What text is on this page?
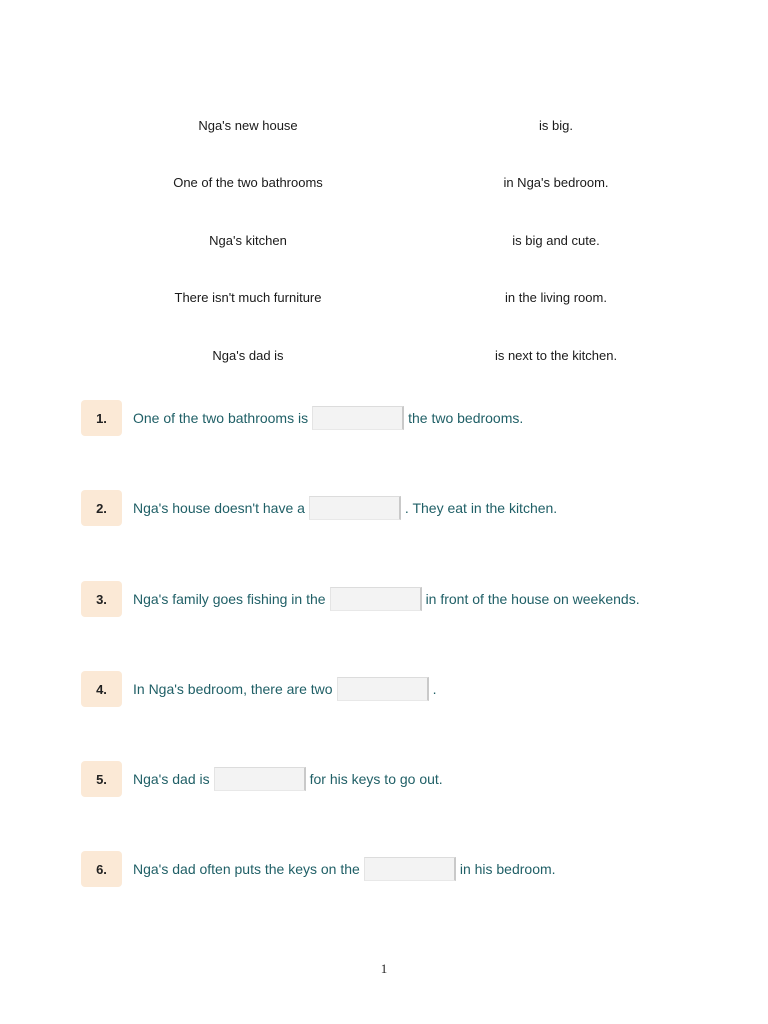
Nga's new house	is big.
One of the two bathrooms	in Nga's bedroom.
Nga's kitchen	is big and cute.
There isn't much furniture	in the living room.
Nga's dad is	is next to the kitchen.
1.	One of the two bathrooms is	the two bedrooms.
2.	Nga's house doesn't have a	. They eat in the kitchen.
3.	Nga's family goes fishing in the	in front of the house on weekends.
4.	In Nga's bedroom, there are two	.
5.	Nga's dad is	for his keys to go out.
6.	Nga's dad often puts the keys on the	in his bedroom.
1
